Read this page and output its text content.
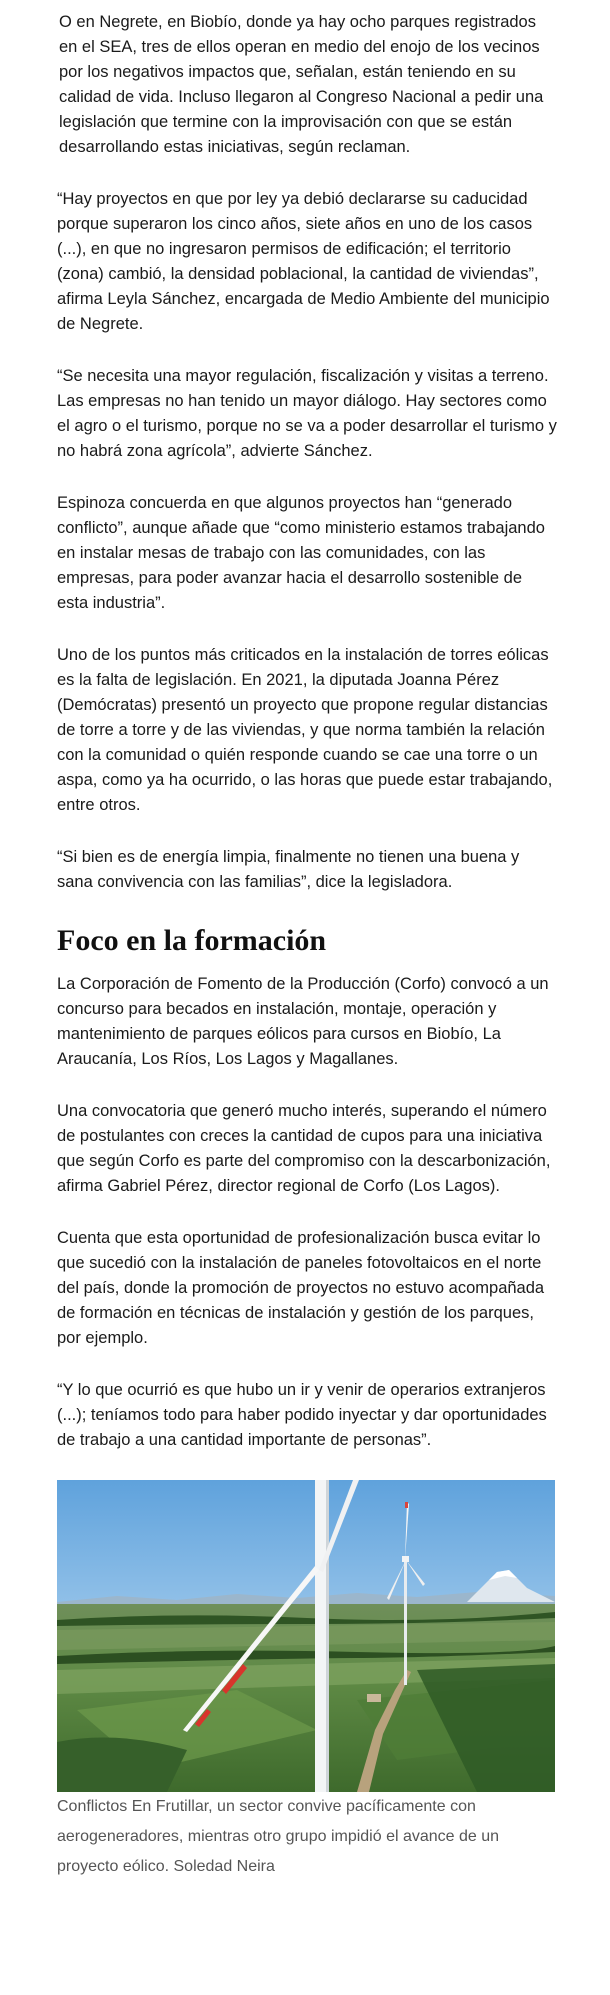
O en Negrete, en Biobío, donde ya hay ocho parques registrados en el SEA, tres de ellos operan en medio del enojo de los vecinos por los negativos impactos que, señalan, están teniendo en su calidad de vida. Incluso llegaron al Congreso Nacional a pedir una legislación que termine con la improvisación con que se están desarrollando estas iniciativas, según reclaman.

“Hay proyectos en que por ley ya debió declararse su caducidad porque superaron los cinco años, siete años en uno de los casos (...), en que no ingresaron permisos de edificación; el territorio (zona) cambió, la densidad poblacional, la cantidad de viviendas”, afirma Leyla Sánchez, encargada de Medio Ambiente del municipio de Negrete.

“Se necesita una mayor regulación, fiscalización y visitas a terreno. Las empresas no han tenido un mayor diálogo. Hay sectores como el agro o el turismo, porque no se va a poder desarrollar el turismo y no habrá zona agrícola”, advierte Sánchez.

Espinoza concuerda en que algunos proyectos han “generado conflicto”, aunque añade que “como ministerio estamos trabajando en instalar mesas de trabajo con las comunidades, con las empresas, para poder avanzar hacia el desarrollo sostenible de esta industria”.

Uno de los puntos más criticados en la instalación de torres eólicas es la falta de legislación. En 2021, la diputada Joanna Pérez (Demócratas) presentó un proyecto que propone regular distancias de torre a torre y de las viviendas, y que norma también la relación con la comunidad o quién responde cuando se cae una torre o un aspa, como ya ha ocurrido, o las horas que puede estar trabajando, entre otros.

“Si bien es de energía limpia, finalmente no tienen una buena y sana convivencia con las familias”, dice la legisladora.

Foco en la formación

La Corporación de Fomento de la Producción (Corfo) convocó a un concurso para becados en instalación, montaje, operación y mantenimiento de parques eólicos para cursos en Biobío, La Araucanía, Los Ríos, Los Lagos y Magallanes.

Una convocatoria que generó mucho interés, superando el número de postulantes con creces la cantidad de cupos para una iniciativa que según Corfo es parte del compromiso con la descarbonización, afirma Gabriel Pérez, director regional de Corfo (Los Lagos).

Cuenta que esta oportunidad de profesionalización busca evitar lo que sucedió con la instalación de paneles fotovoltaicos en el norte del país, donde la promoción de proyectos no estuvo acompañada de formación en técnicas de instalación y gestión de los parques, por ejemplo.

“Y lo que ocurrió es que hubo un ir y venir de operarios extranjeros (...); teníamos todo para haber podido inyectar y dar oportunidades de trabajo a una cantidad importante de personas”.

Conflictos En Frutillar, un sector convive pacíficamente con aerogeneradores, mientras otro grupo impidió el avance de un proyecto eólico. Soledad Neira
